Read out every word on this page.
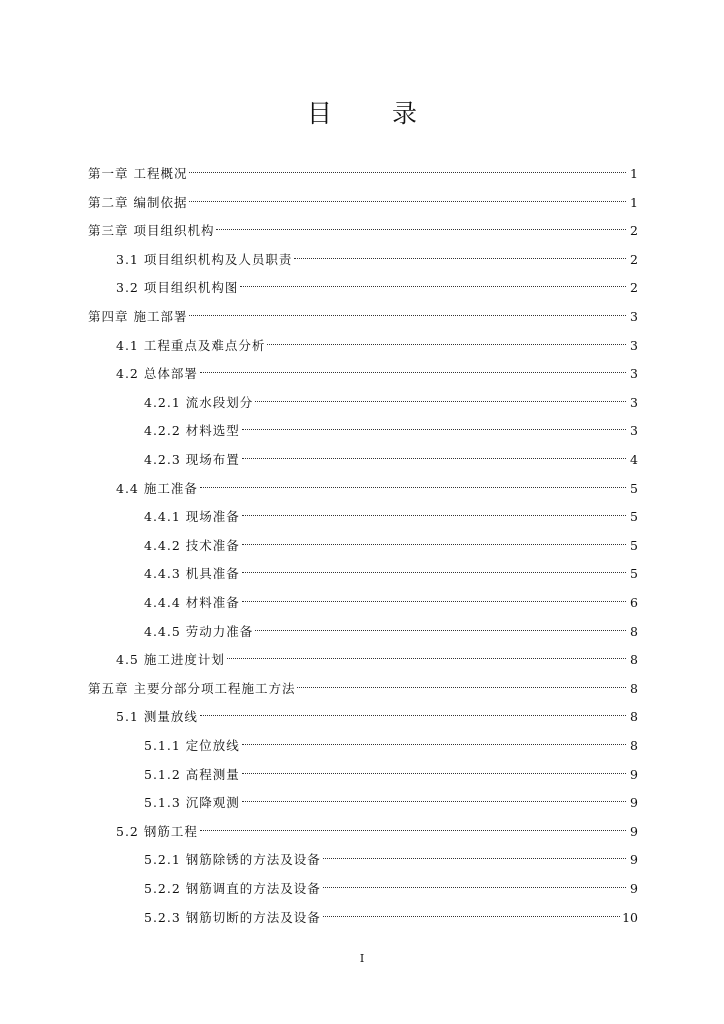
目 录
第一章 工程概况	1
第二章 编制依据	1
第三章 项目组织机构	2
3.1 项目组织机构及人员职责	2
3.2 项目组织机构图	2
第四章 施工部署	3
4.1 工程重点及难点分析	3
4.2 总体部署	3
4.2.1 流水段划分	3
4.2.2 材料选型	3
4.2.3 现场布置	4
4.4 施工准备	5
4.4.1 现场准备	5
4.4.2 技术准备	5
4.4.3 机具准备	5
4.4.4 材料准备	6
4.4.5 劳动力准备	8
4.5 施工进度计划	8
第五章 主要分部分项工程施工方法	8
5.1 测量放线	8
5.1.1 定位放线	8
5.1.2 高程测量	9
5.1.3 沉降观测	9
5.2 钢筋工程	9
5.2.1 钢筋除锈的方法及设备	9
5.2.2 钢筋调直的方法及设备	9
5.2.3 钢筋切断的方法及设备	10
I
